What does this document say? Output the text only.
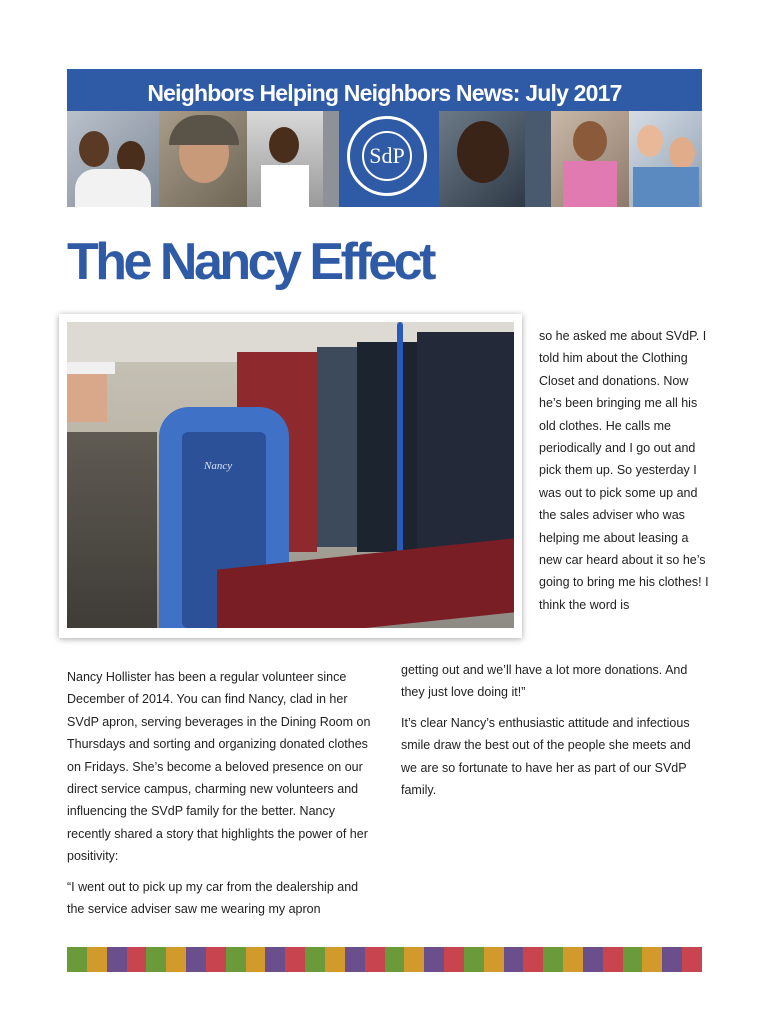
Neighbors Helping Neighbors News: July 2017
SdP
The Nancy Effect
Nancy
so he asked me about SVdP. I told him about the Clothing Closet and donations. Now he’s been bringing me all his old clothes. He calls me periodically and I go out and pick them up. So yesterday I was out to pick some up and the sales adviser who was helping me about leasing a new car heard about it so he’s going to bring me his clothes! I think the word is

getting out and we’ll have a lot more donations. And they just love doing it!”

It’s clear Nancy’s enthusiastic attitude and infectious smile draw the best out of the people she meets and we are so fortunate to have her as part of our SVdP family.

Nancy Hollister has been a regular volunteer since December of 2014. You can find Nancy, clad in her SVdP apron, serving beverages in the Dining Room on Thursdays and sorting and organizing donated clothes on Fridays. She’s become a beloved presence on our direct service campus, charming new volunteers and influencing the SVdP family for the better. Nancy recently shared a story that highlights the power of her positivity:

“I went out to pick up my car from the dealership and the service adviser saw me wearing my apron
